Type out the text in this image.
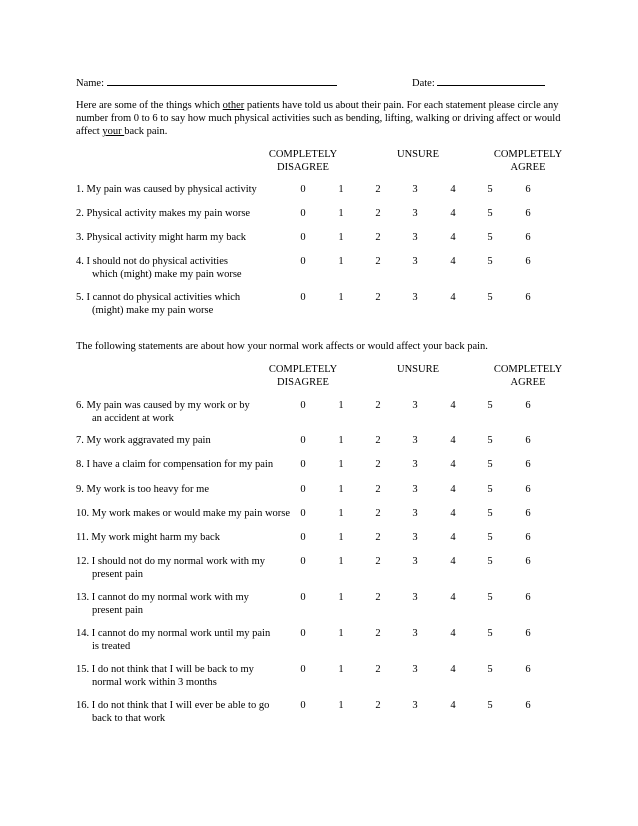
Name:	Date:
Here are some of the things which other patients have told us about their pain. For each statement please circle any number from 0 to 6 to say how much physical activities such as bending, lifting, walking or driving affect or would affect your back pain.
COMPLETELY
DISAGREE
UNSURE	COMPLETELY
AGREE
1. My pain was caused by physical activity	0	1	2	3	4	5	6
2. Physical activity makes my pain worse	0	1	2	3	4	5	6
3. Physical activity might harm my back	0	1	2	3	4	5	6
4. I should not do physical activities
which (might) make my pain worse
0	1	2	3	4	5	6
5. I cannot do physical activities which
(might) make my pain worse
0	1	2	3	4	5	6
The following statements are about how your normal work affects or would affect your back pain.
COMPLETELY
DISAGREE
UNSURE	COMPLETELY
AGREE
6. My pain was caused by my work or by
an accident at work
0	1	2	3	4	5	6
7. My work aggravated my pain	0	1	2	3	4	5	6
8. I have a claim for compensation for my pain	0	1	2	3	4	5	6
9. My work is too heavy for me	0	1	2	3	4	5	6
10. My work makes or would make my pain worse 0	1	2	3	4	5	6
11. My work might harm my back	0	1	2	3	4	5	6
12. I should not do my normal work with my
present pain
0	1	2	3	4	5	6
13. I cannot do my normal work with my
present pain
0	1	2	3	4	5	6
14. I cannot do my normal work until my pain
is treated
0	1	2	3	4	5	6
15. I do not think that I will be back to my
normal work within 3 months
0	1	2	3	4	5	6
16. I do not think that I will ever be able to go
back to that work
0	1	2	3	4	5	6
